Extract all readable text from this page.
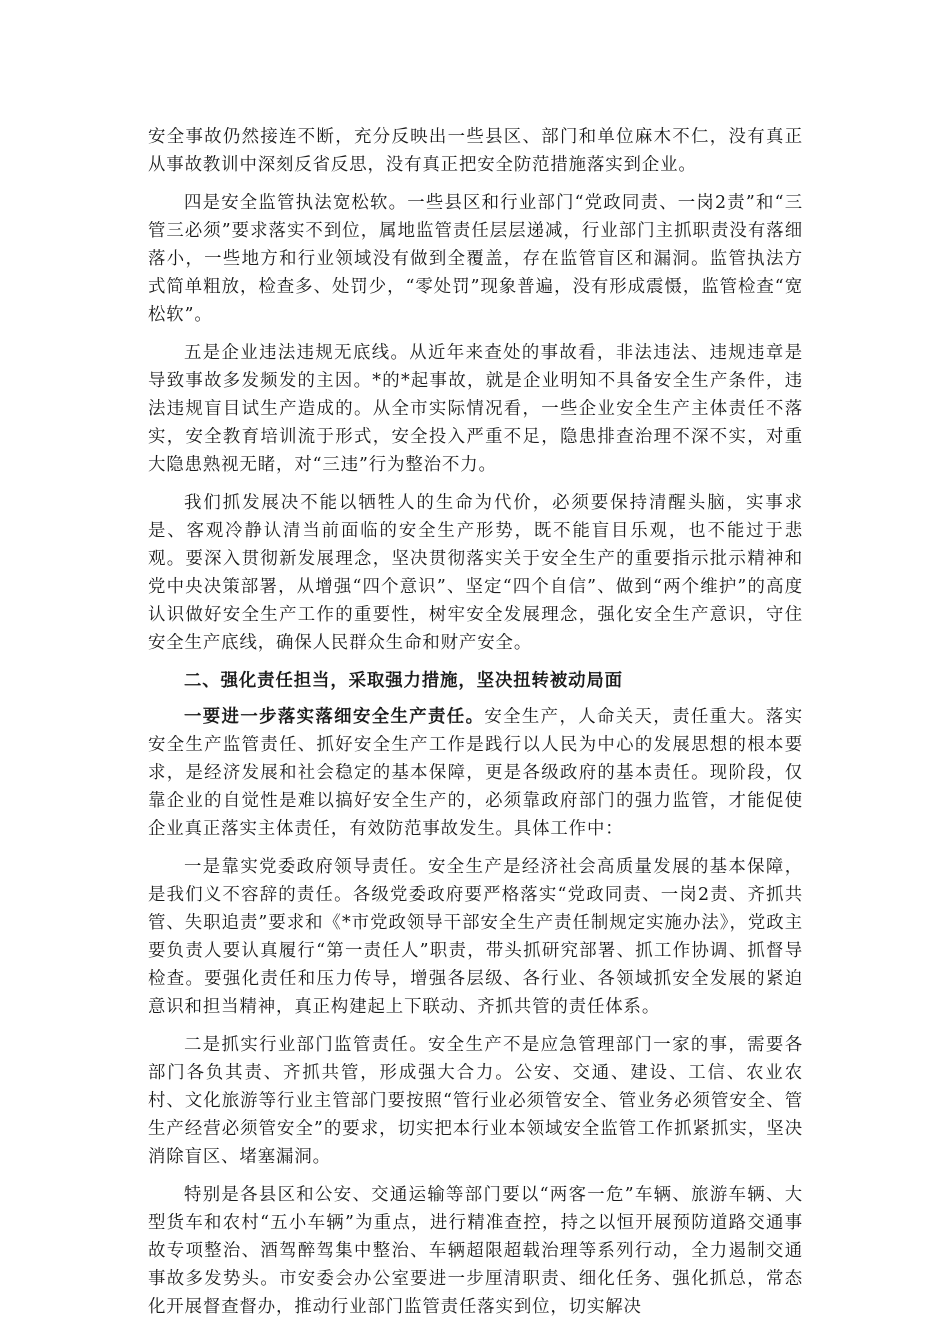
安全事故仍然接连不断，充分反映出一些县区、部门和单位麻木不仁，没有真正从事故教训中深刻反省反思，没有真正把安全防范措施落实到企业。

四是安全监管执法宽松软。一些县区和行业部门“党政同责、一岗2责”和“三管三必须”要求落实不到位，属地监管责任层层递减，行业部门主抓职责没有落细落小，一些地方和行业领域没有做到全覆盖，存在监管盲区和漏洞。监管执法方式简单粗放，检查多、处罚少，“零处罚”现象普遍，没有形成震慑，监管检查“宽松软”。

五是企业违法违规无底线。从近年来查处的事故看，非法违法、违规违章是导致事故多发频发的主因。*的*起事故，就是企业明知不具备安全生产条件，违法违规盲目试生产造成的。从全市实际情况看，一些企业安全生产主体责任不落实，安全教育培训流于形式，安全投入严重不足，隐患排查治理不深不实，对重大隐患熟视无睹，对“三违”行为整治不力。

我们抓发展决不能以牺牲人的生命为代价，必须要保持清醒头脑，实事求是、客观冷静认清当前面临的安全生产形势，既不能盲目乐观，也不能过于悲观。要深入贯彻新发展理念，坚决贯彻落实关于安全生产的重要指示批示精神和党中央决策部署，从增强“四个意识”、坚定“四个自信”、做到“两个维护”的高度认识做好安全生产工作的重要性，树牢安全发展理念，强化安全生产意识，守住安全生产底线，确保人民群众生命和财产安全。

二、强化责任担当，采取强力措施，坚决扭转被动局面

一要进一步落实落细安全生产责任。安全生产，人命关天，责任重大。落实安全生产监管责任、抓好安全生产工作是践行以人民为中心的发展思想的根本要求，是经济发展和社会稳定的基本保障，更是各级政府的基本责任。现阶段，仅靠企业的自觉性是难以搞好安全生产的，必须靠政府部门的强力监管，才能促使企业真正落实主体责任，有效防范事故发生。具体工作中：

一是靠实党委政府领导责任。安全生产是经济社会高质量发展的基本保障，是我们义不容辞的责任。各级党委政府要严格落实“党政同责、一岗2责、齐抓共管、失职追责”要求和《*市党政领导干部安全生产责任制规定实施办法》，党政主要负责人要认真履行“第一责任人”职责，带头抓研究部署、抓工作协调、抓督导检查。要强化责任和压力传导，增强各层级、各行业、各领域抓安全发展的紧迫意识和担当精神，真正构建起上下联动、齐抓共管的责任体系。

二是抓实行业部门监管责任。安全生产不是应急管理部门一家的事，需要各部门各负其责、齐抓共管，形成强大合力。公安、交通、建设、工信、农业农村、文化旅游等行业主管部门要按照“管行业必须管安全、管业务必须管安全、管生产经营必须管安全”的要求，切实把本行业本领域安全监管工作抓紧抓实，坚决消除盲区、堵塞漏洞。

特别是各县区和公安、交通运输等部门要以“两客一危”车辆、旅游车辆、大型货车和农村“五小车辆”为重点，进行精准查控，持之以恒开展预防道路交通事故专项整治、酒驾醉驾集中整治、车辆超限超载治理等系列行动，全力遏制交通事故多发势头。市安委会办公室要进一步厘清职责、细化任务、强化抓总，常态化开展督查督办，推动行业部门监管责任落实到位，切实解决
